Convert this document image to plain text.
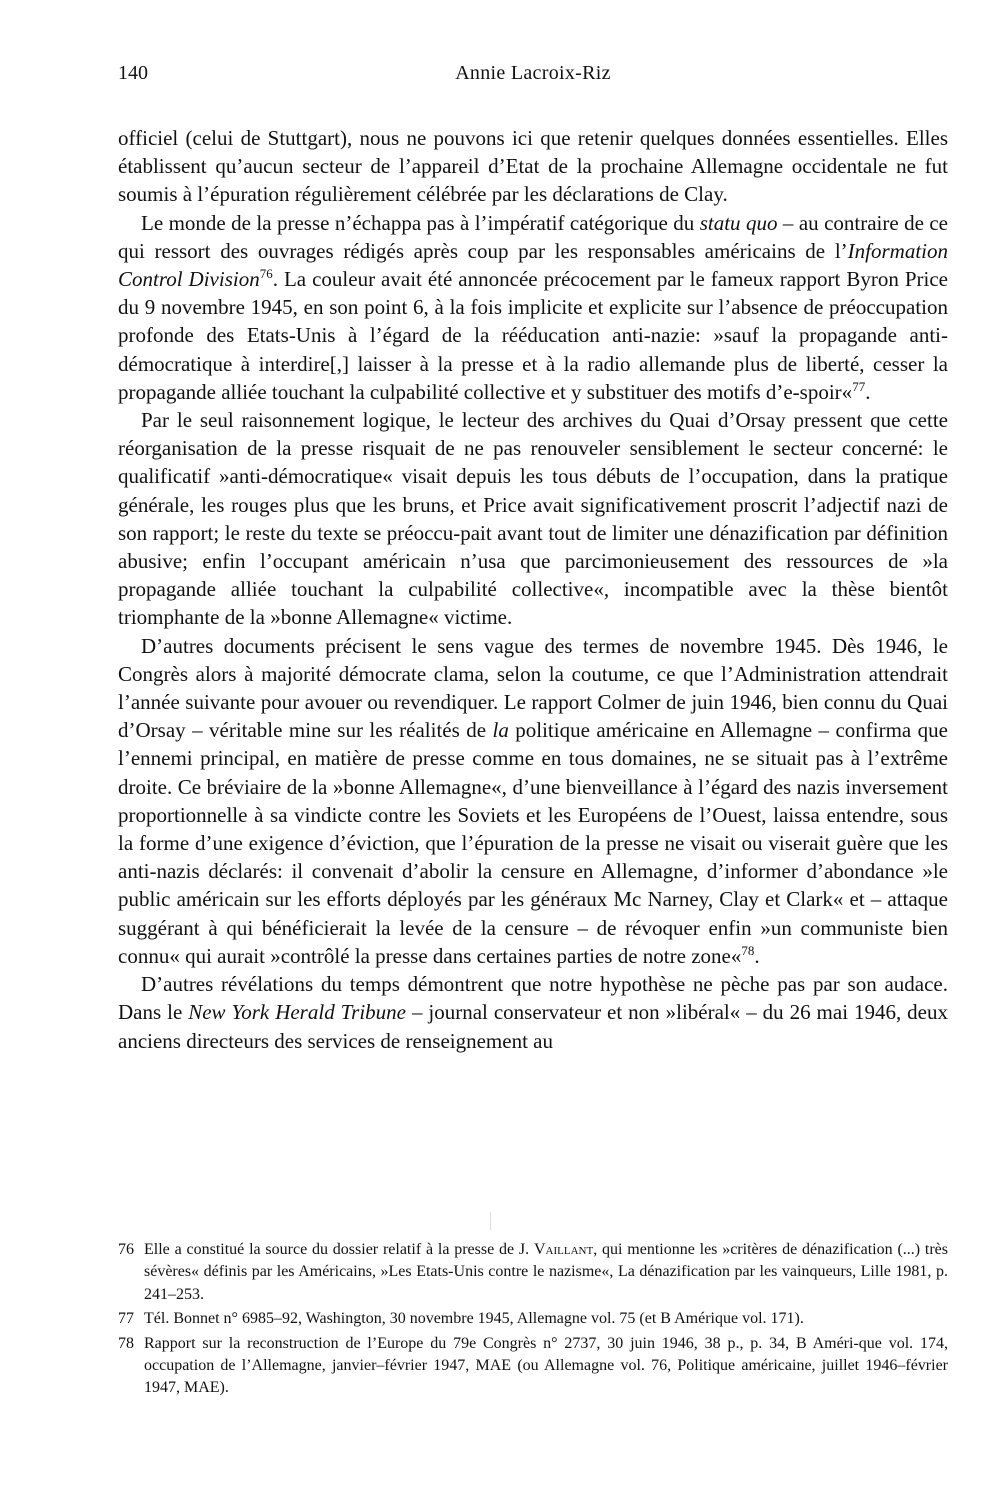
140	Annie Lacroix-Riz

officiel (celui de Stuttgart), nous ne pouvons ici que retenir quelques données essentielles. Elles établissent qu’aucun secteur de l’appareil d’Etat de la prochaine Allemagne occidentale ne fut soumis à l’épuration régulièrement célébrée par les déclarations de Clay.

Le monde de la presse n’échappa pas à l’impératif catégorique du statu quo – au contraire de ce qui ressort des ouvrages rédigés après coup par les responsables américains de l’Information Control Division$^{76}$. La couleur avait été annoncée précocement par le fameux rapport Byron Price du 9 novembre 1945, en son point 6, à la fois implicite et explicite sur l’absence de préoccupation profonde des Etats-Unis à l’égard de la rééducation anti-nazie: »sauf la propagande anti-démocratique à interdire[,] laisser à la presse et à la radio allemande plus de liberté, cesser la propagande alliée touchant la culpabilité collective et y substituer des motifs d’e-spoir«$^{77}$.

Par le seul raisonnement logique, le lecteur des archives du Quai d’Orsay pressent que cette réorganisation de la presse risquait de ne pas renouveler sensiblement le secteur concerné: le qualificatif »anti-démocratique« visait depuis les tous débuts de l’occupation, dans la pratique générale, les rouges plus que les bruns, et Price avait significativement proscrit l’adjectif nazi de son rapport; le reste du texte se préoccu-pait avant tout de limiter une dénazification par définition abusive; enfin l’occupant américain n’usa que parcimonieusement des ressources de »la propagande alliée touchant la culpabilité collective«, incompatible avec la thèse bientôt triomphante de la »bonne Allemagne« victime.

D’autres documents précisent le sens vague des termes de novembre 1945. Dès 1946, le Congrès alors à majorité démocrate clama, selon la coutume, ce que l’Administration attendrait l’année suivante pour avouer ou revendiquer. Le rapport Colmer de juin 1946, bien connu du Quai d’Orsay – véritable mine sur les réalités de la politique américaine en Allemagne – confirma que l’ennemi principal, en matière de presse comme en tous domaines, ne se situait pas à l’extrême droite. Ce bréviaire de la »bonne Allemagne«, d’une bienveillance à l’égard des nazis inversement proportionnelle à sa vindicte contre les Soviets et les Européens de l’Ouest, laissa entendre, sous la forme d’une exigence d’éviction, que l’épuration de la presse ne visait ou viserait guère que les anti-nazis déclarés: il convenait d’abolir la censure en Allemagne, d’informer d’abondance »le public américain sur les efforts déployés par les généraux Mc Narney, Clay et Clark« et – attaque suggérant à qui bénéficierait la levée de la censure – de révoquer enfin »un communiste bien connu« qui aurait »contrôlé la presse dans certaines parties de notre zone«$^{78}$.

D’autres révélations du temps démontrent que notre hypothèse ne pèche pas par son audace. Dans le New York Herald Tribune – journal conservateur et non »libéral« – du 26 mai 1946, deux anciens directeurs des services de renseignement au

76 Elle a constitué la source du dossier relatif à la presse de J. Vaillant, qui mentionne les »critères de dénazification (...) très sévères« définis par les Américains, »Les Etats-Unis contre le nazisme«, La dénazification par les vainqueurs, Lille 1981, p. 241–253.
77 Tél. Bonnet n° 6985–92, Washington, 30 novembre 1945, Allemagne vol. 75 (et B Amérique vol. 171).
78 Rapport sur la reconstruction de l’Europe du 79e Congrès n° 2737, 30 juin 1946, 38 p., p. 34, B Améri-que vol. 174, occupation de l’Allemagne, janvier–février 1947, MAE (ou Allemagne vol. 76, Politique américaine, juillet 1946–février 1947, MAE).
